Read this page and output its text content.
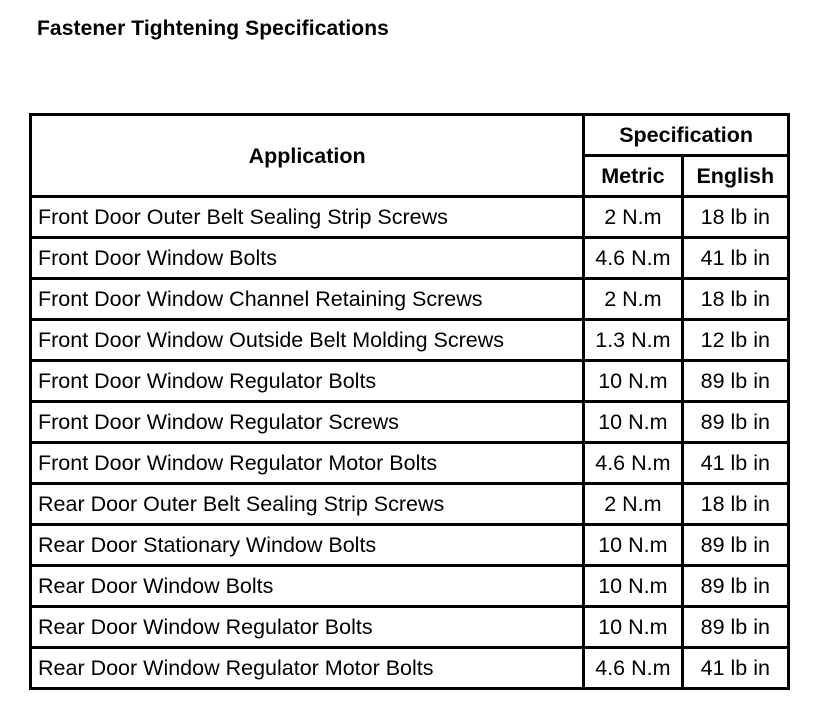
Fastener Tightening Specifications
Application	Specification	
	Metric	English
Front Door Outer Belt Sealing Strip Screws	2 N.m	18 lb in
Front Door Window Bolts	4.6 N.m	41 lb in
Front Door Window Channel Retaining Screws	2 N.m	18 lb in
Front Door Window Outside Belt Molding Screws	1.3 N.m	12 lb in
Front Door Window Regulator Bolts	10 N.m	89 lb in
Front Door Window Regulator Screws	10 N.m	89 lb in
Front Door Window Regulator Motor Bolts	4.6 N.m	41 lb in
Rear Door Outer Belt Sealing Strip Screws	2 N.m	18 lb in
Rear Door Stationary Window Bolts	10 N.m	89 lb in
Rear Door Window Bolts	10 N.m	89 lb in
Rear Door Window Regulator Bolts	10 N.m	89 lb in
Rear Door Window Regulator Motor Bolts	4.6 N.m	41 lb in
